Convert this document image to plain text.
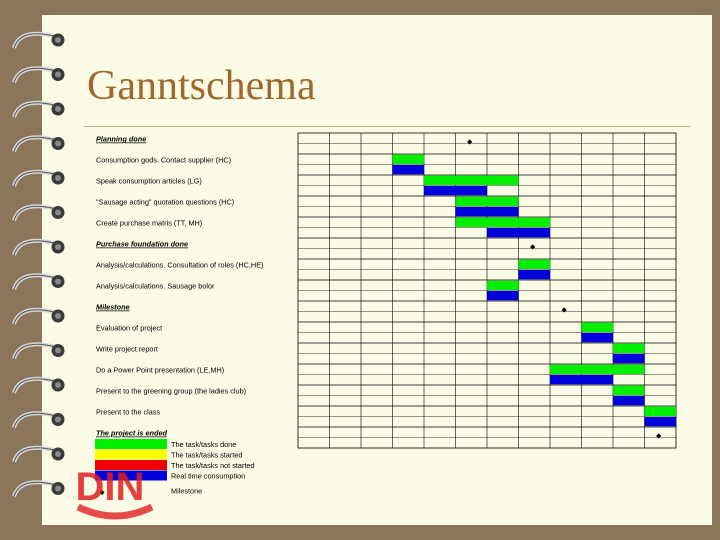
Ganntschema
Planning done
Consumption gods. Contact supplier (HC)
Speak consumption articles (LG)
"Sausage acting" quotation questions (HC)
Create purchase matris (TT, MH)
Purchase foundation done
Analysis/calculations. Consultation of roles (HC,HE)
Analysis/calculations. Sausage bolor
Milestone
Evaluation of project
Write project report
Do a Power Point presentation (LE,MH)
Present to the greening group (the ladies club)
Present to the class
The project is ended
The task/tasks done
The task/tasks started
The task/tasks not started
Real time consumption
Milestone
DIN
